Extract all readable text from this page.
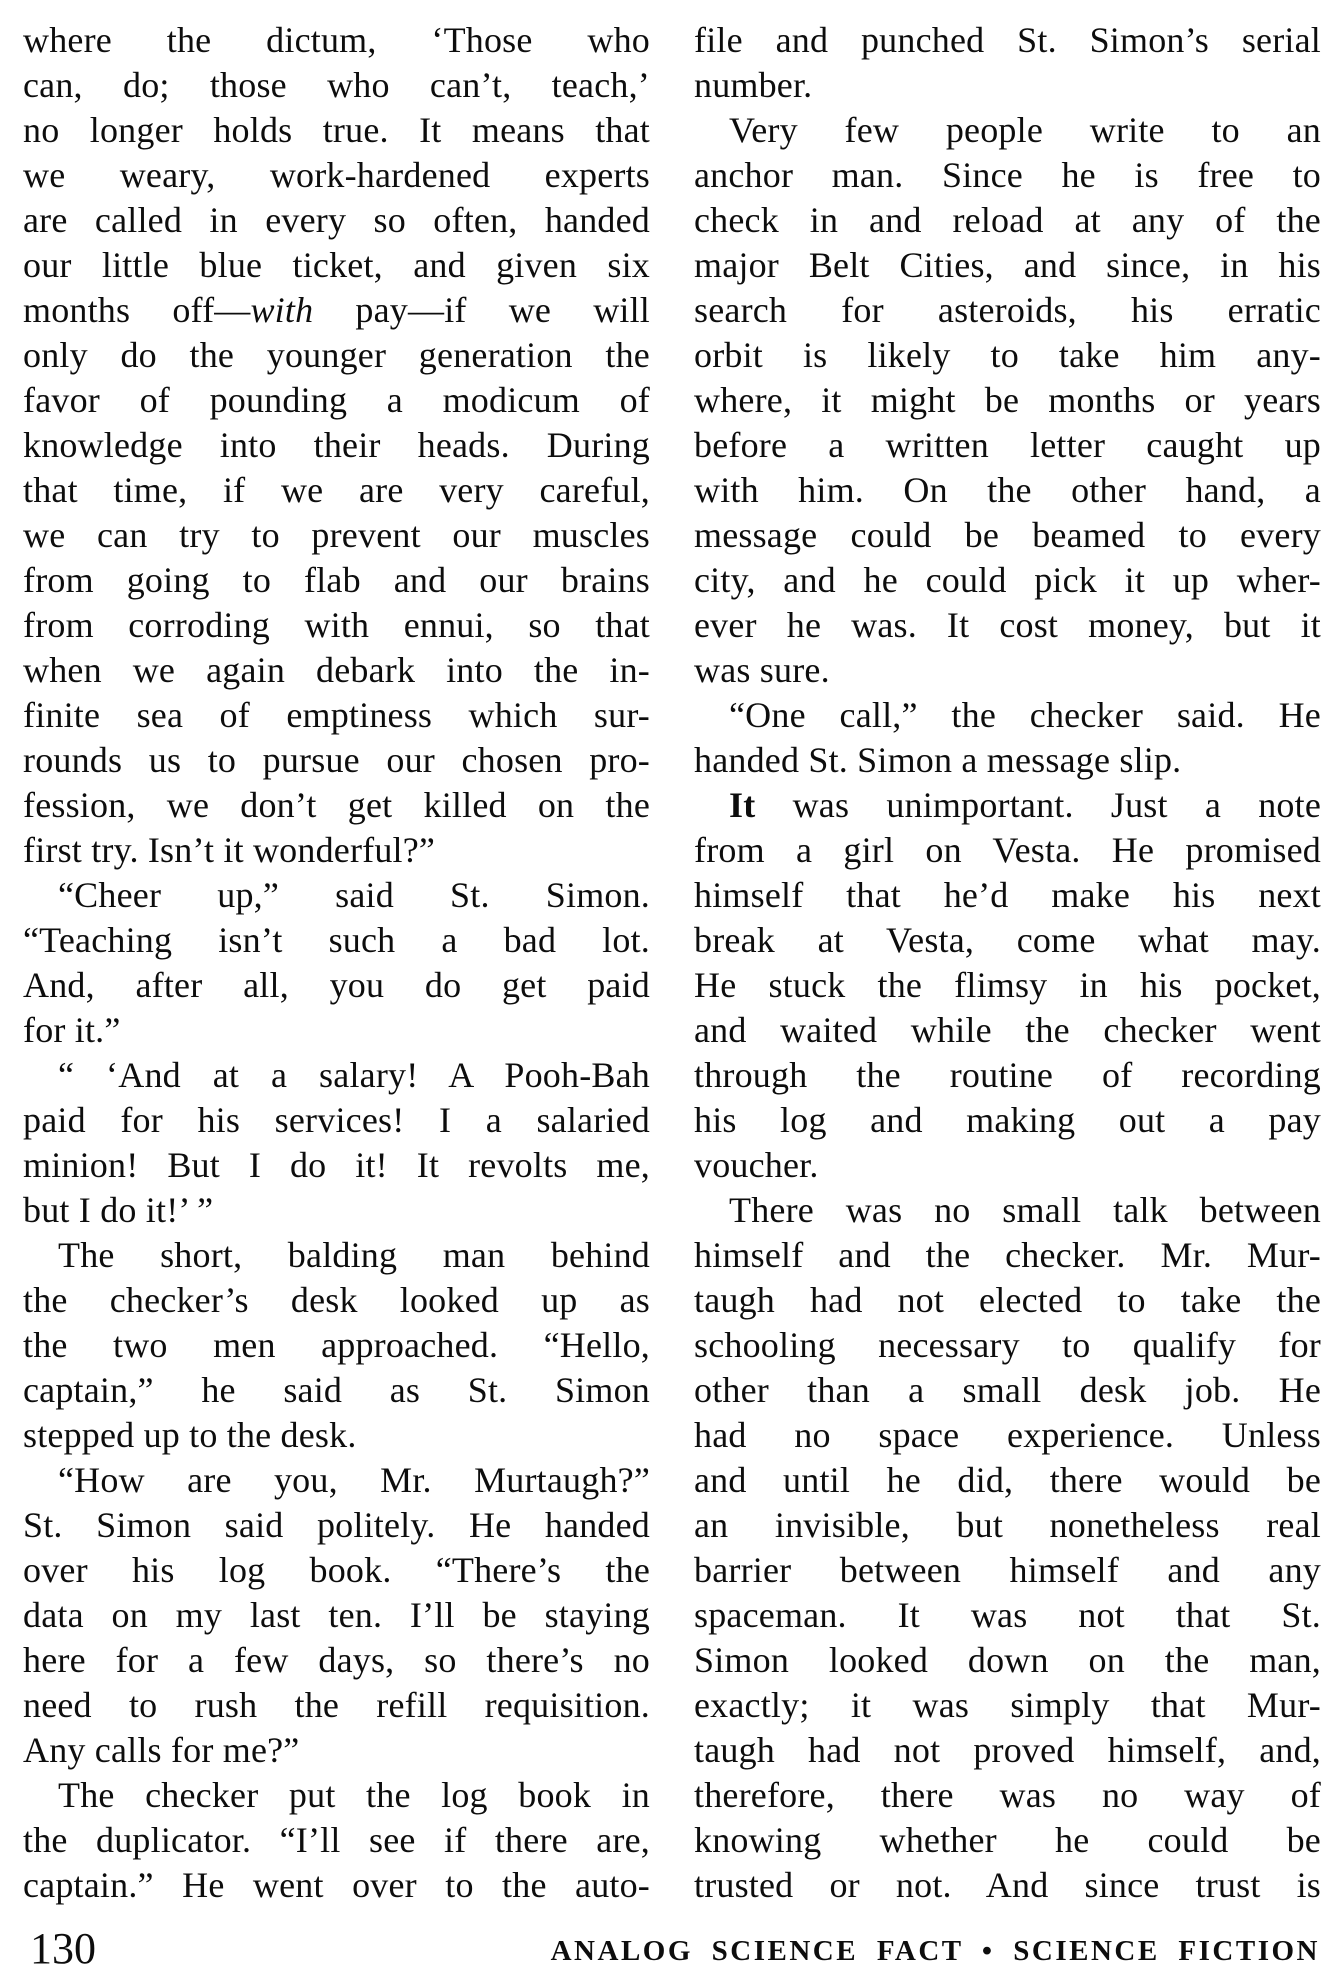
where the dictum, ‘Those who
can, do; those who can’t, teach,’
no longer holds true. It means that
we weary, work-hardened experts
are called in every so often, handed
our little blue ticket, and given six
months off—with pay—if we will
only do the younger generation the
favor of pounding a modicum of
knowledge into their heads. During
that time, if we are very careful,
we can try to prevent our muscles
from going to flab and our brains
from corroding with ennui, so that
when we again debark into the in-
finite sea of emptiness which sur-
rounds us to pursue our chosen pro-
fession, we don’t get killed on the
first try. Isn’t it wonderful?”
“Cheer up,” said St. Simon.
“Teaching isn’t such a bad lot.
And, after all, you do get paid
for it.”
“ ‘And at a salary! A Pooh-Bah
paid for his services! I a salaried
minion! But I do it! It revolts me,
but I do it!’ ”
The short, balding man behind
the checker’s desk looked up as
the two men approached. “Hello,
captain,” he said as St. Simon
stepped up to the desk.
“How are you, Mr. Murtaugh?”
St. Simon said politely. He handed
over his log book. “There’s the
data on my last ten. I’ll be staying
here for a few days, so there’s no
need to rush the refill requisition.
Any calls for me?”
The checker put the log book in
the duplicator. “I’ll see if there are,
captain.” He went over to the auto-
file and punched St. Simon’s serial
number.
Very few people write to an
anchor man. Since he is free to
check in and reload at any of the
major Belt Cities, and since, in his
search for asteroids, his erratic
orbit is likely to take him any-
where, it might be months or years
before a written letter caught up
with him. On the other hand, a
message could be beamed to every
city, and he could pick it up wher-
ever he was. It cost money, but it
was sure.
“One call,” the checker said. He
handed St. Simon a message slip.
It was unimportant. Just a note
from a girl on Vesta. He promised
himself that he’d make his next
break at Vesta, come what may.
He stuck the flimsy in his pocket,
and waited while the checker went
through the routine of recording
his log and making out a pay
voucher.
There was no small talk between
himself and the checker. Mr. Mur-
taugh had not elected to take the
schooling necessary to qualify for
other than a small desk job. He
had no space experience. Unless
and until he did, there would be
an invisible, but nonetheless real
barrier between himself and any
spaceman. It was not that St.
Simon looked down on the man,
exactly; it was simply that Mur-
taugh had not proved himself, and,
therefore, there was no way of
knowing whether he could be
trusted or not. And since trust is
130	ANALOG SCIENCE FACT • SCIENCE FICTION
